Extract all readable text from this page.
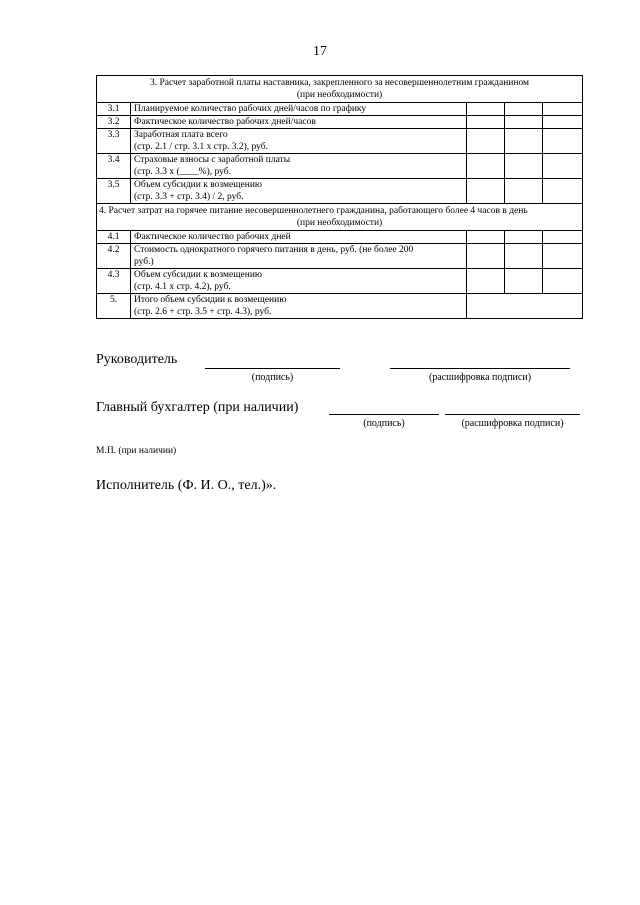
17
3. Расчет заработной платы наставника, закрепленного за несовершеннолетним гражданином
(при необходимости)				

3.1	Планируемое количество рабочих дней/часов по графику			

3.2	Фактическое количество рабочих дней/часов			

3.3	Заработная плата всего
(стр. 2.1 / стр. 3.1 х стр. 3.2), руб.			

3.4	Страховые взносы с заработной платы
(стр. 3.3 х (____%), руб.			

3.5	Объем субсидии к возмещению
(стр. 3.3 + стр. 3.4) / 2, руб.			

4. Расчет затрат на горячее питание несовершеннолетнего гражданина, работающего более 4 часов в день
(при необходимости)				

4.1	Фактическое количество рабочих дней			

4.2	Стоимость однократного горячего питания в день, руб. (не более 200
руб.)			

4.3	Объем субсидии к возмещению
(стр. 4.1 х стр. 4.2), руб.			

5.	Итого объем субсидии к возмещению
(стр. 2.6 + стр. 3.5 + стр. 4.3), руб.			

Руководитель
(подпись)	(расшифровка подписи)
Главный бухгалтер (при наличии)
(подпись)	(расшифровка подписи)
М.П. (при наличии)
Исполнитель (Ф. И. О., тел.)».
